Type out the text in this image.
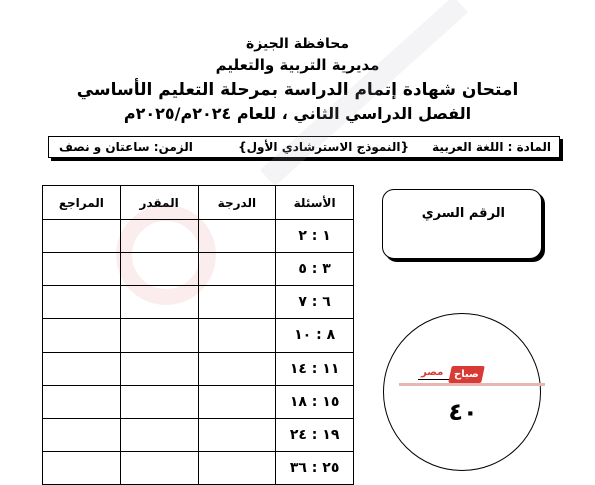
محافظة الجيزة
مديرية التربية والتعليم
امتحان شهادة إتمام الدراسة بمرحلة التعليم الأساسي
الفصل الدراسي الثاني ، للعام ٢٠٢٤م/٢٠٢٥م
المادة : اللغة العربية
{النموذج الاسترشادي الأول}
الزمن: ساعتان و نصف
الأسئلة	الدرجة	المقدر	المراجع
١ : ٢			
٣ : ٥			
٦ : ٧			
٨ : ١٠			
١١ : ١٤			
١٥ : ١٨			
١٩ : ٢٤			
٢٥ : ٣٦			
الرقم السري
٤٠
مصر	صباح
